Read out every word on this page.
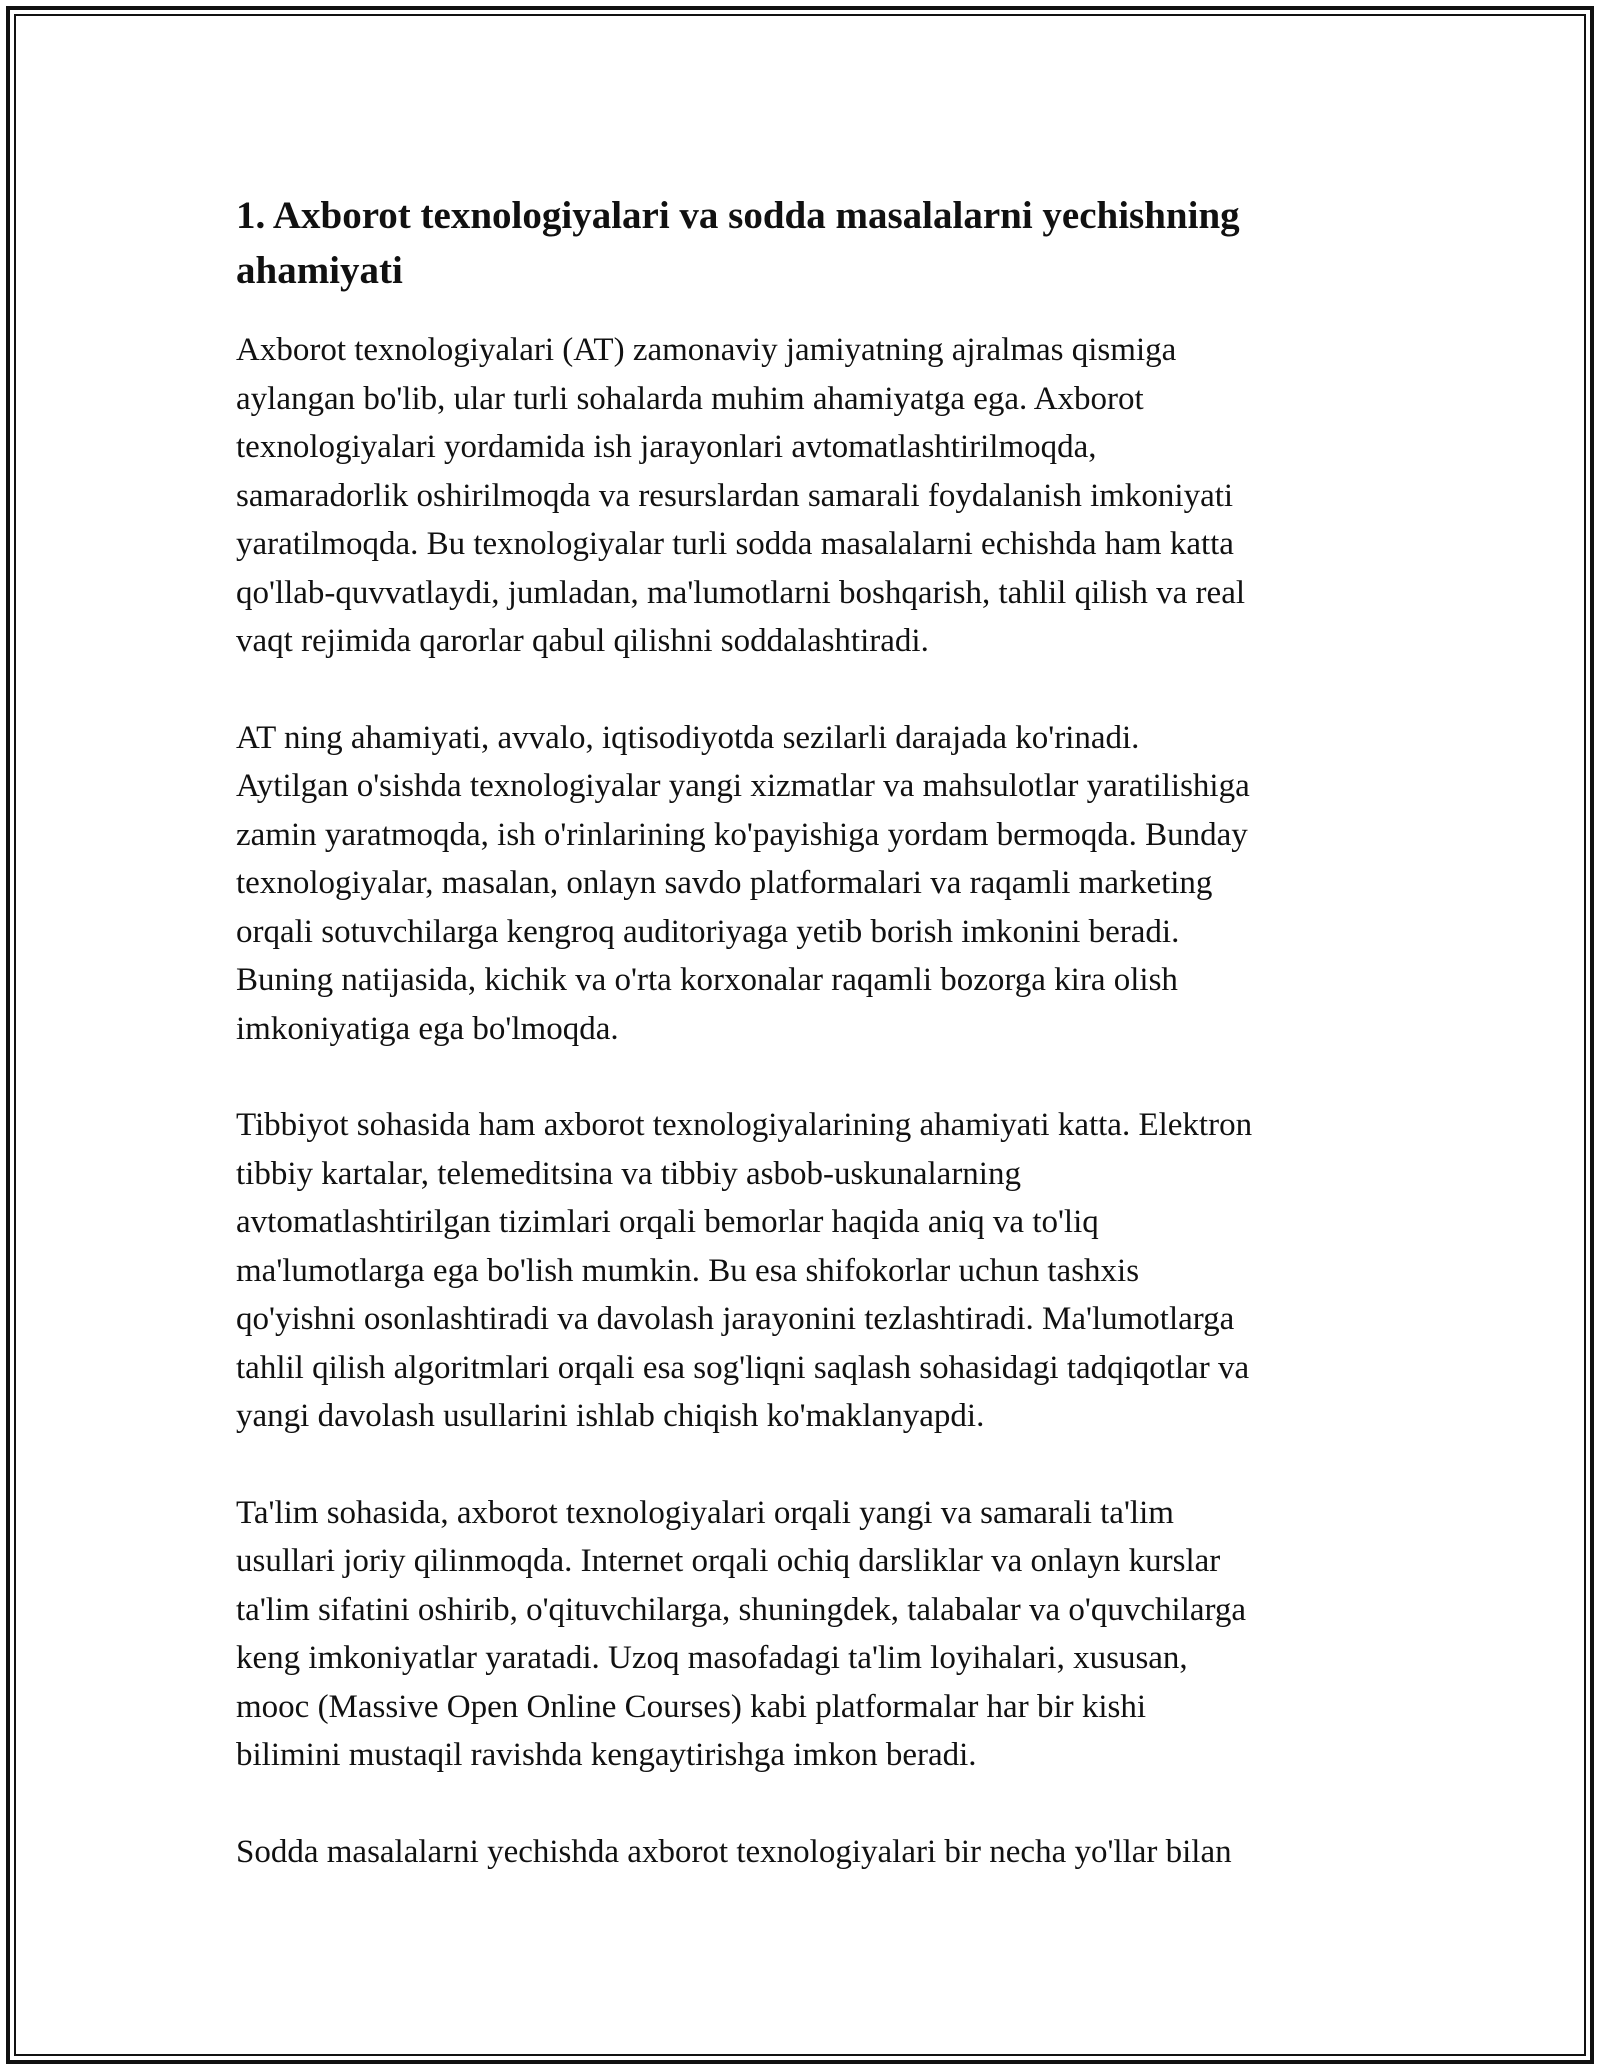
1. Axborot texnologiyalari va sodda masalalarni yechishning
ahamiyati

Axborot texnologiyalari (AT) zamonaviy jamiyatning ajralmas qismiga
aylangan bo'lib, ular turli sohalarda muhim ahamiyatga ega. Axborot
texnologiyalari yordamida ish jarayonlari avtomatlashtirilmoqda,
samaradorlik oshirilmoqda va resurslardan samarali foydalanish imkoniyati
yaratilmoqda. Bu texnologiyalar turli sodda masalalarni echishda ham katta
qo'llab-quvvatlaydi, jumladan, ma'lumotlarni boshqarish, tahlil qilish va real
vaqt rejimida qarorlar qabul qilishni soddalashtiradi.

AT ning ahamiyati, avvalo, iqtisodiyotda sezilarli darajada ko'rinadi.
Aytilgan o'sishda texnologiyalar yangi xizmatlar va mahsulotlar yaratilishiga
zamin yaratmoqda, ish o'rinlarining ko'payishiga yordam bermoqda. Bunday
texnologiyalar, masalan, onlayn savdo platformalari va raqamli marketing
orqali sotuvchilarga kengroq auditoriyaga yetib borish imkonini beradi.
Buning natijasida, kichik va o'rta korxonalar raqamli bozorga kira olish
imkoniyatiga ega bo'lmoqda.

Tibbiyot sohasida ham axborot texnologiyalarining ahamiyati katta. Elektron
tibbiy kartalar, telemeditsina va tibbiy asbob-uskunalarning
avtomatlashtirilgan tizimlari orqali bemorlar haqida aniq va to'liq
ma'lumotlarga ega bo'lish mumkin. Bu esa shifokorlar uchun tashxis
qo'yishni osonlashtiradi va davolash jarayonini tezlashtiradi. Ma'lumotlarga
tahlil qilish algoritmlari orqali esa sog'liqni saqlash sohasidagi tadqiqotlar va
yangi davolash usullarini ishlab chiqish ko'maklanyapdi.

Ta'lim sohasida, axborot texnologiyalari orqali yangi va samarali ta'lim
usullari joriy qilinmoqda. Internet orqali ochiq darsliklar va onlayn kurslar
ta'lim sifatini oshirib, o'qituvchilarga, shuningdek, talabalar va o'quvchilarga
keng imkoniyatlar yaratadi. Uzoq masofadagi ta'lim loyihalari, xususan,
mooc (Massive Open Online Courses) kabi platformalar har bir kishi
bilimini mustaqil ravishda kengaytirishga imkon beradi.

Sodda masalalarni yechishda axborot texnologiyalari bir necha yo'llar bilan
